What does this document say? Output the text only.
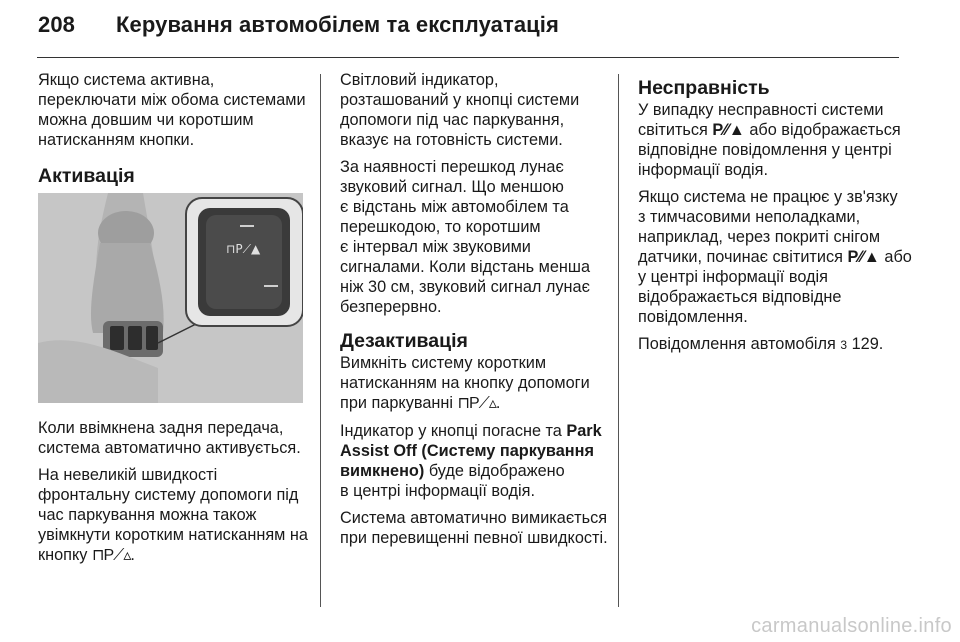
208 Керування автомобілем та експлуатація

Якщо система активна,
переключати між обома системами
можна довшим чи коротшим
натисканням кнопки.

Активація
⊓P⟋▲

Коли ввімкнена задня передача,
система автоматично активується.

На невеликій швидкості
фронтальну систему допомоги під
час паркування можна також
увімкнути коротким натисканням на
кнопку ⊓P⟋▵.

Світловий індикатор,
розташований у кнопці системи
допомоги під час паркування,
вказує на готовність системи.

За наявності перешкод лунає
звуковий сигнал. Що меншою
є відстань між автомобілем та
перешкодою, то коротшим
є інтервал між звуковими
сигналами. Коли відстань менша
ніж 30 см, звуковий сигнал лунає
безперервно.

Дезактивація

Вимкніть систему коротким
натисканням на кнопку допомоги
при паркуванні ⊓P⟋▵.

Індикатор у кнопці погасне та Park
Assist Off (Систему паркування
вимкнено) буде відображено
в центрі інформації водія.

Система автоматично вимикається
при перевищенні певної швидкості.

Несправність

У випадку несправності системи
світиться P⁄⁄▲ або відображається
відповідне повідомлення у центрі
інформації водія.

Якщо система не працює у зв'язку
з тимчасовими неполадками,
наприклад, через покриті снігом
датчики, починає світитися P⁄⁄▲ або
у центрі інформації водія
відображається відповідне
повідомлення.

Повідомлення автомобіля 3 129.

carmanualsonline.info
